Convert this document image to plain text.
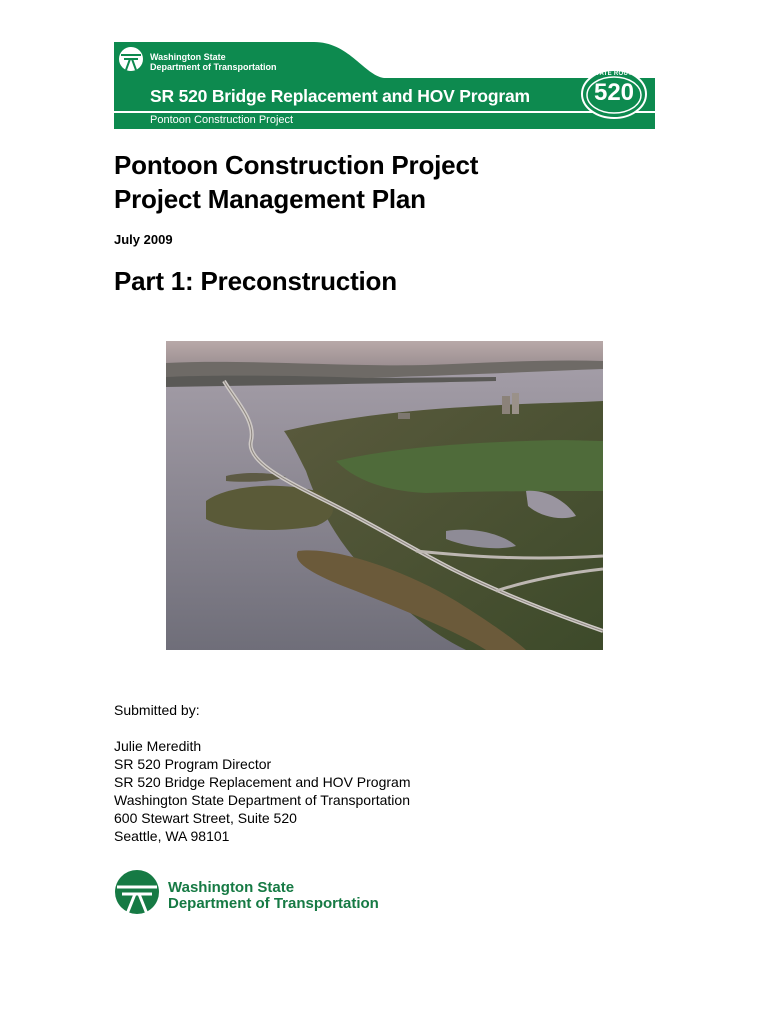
Washington State
Department of Transportation
SR 520 Bridge Replacement and HOV Program
Pontoon Construction Project
STATE ROUTE
520
Pontoon Construction Project
Project Management Plan
July 2009
Part 1: Preconstruction
Submitted by:
Julie Meredith
SR 520 Program Director
SR 520 Bridge Replacement and HOV Program
Washington State Department of Transportation
600 Stewart Street, Suite 520
Seattle, WA 98101
Washington State
Department of Transportation
